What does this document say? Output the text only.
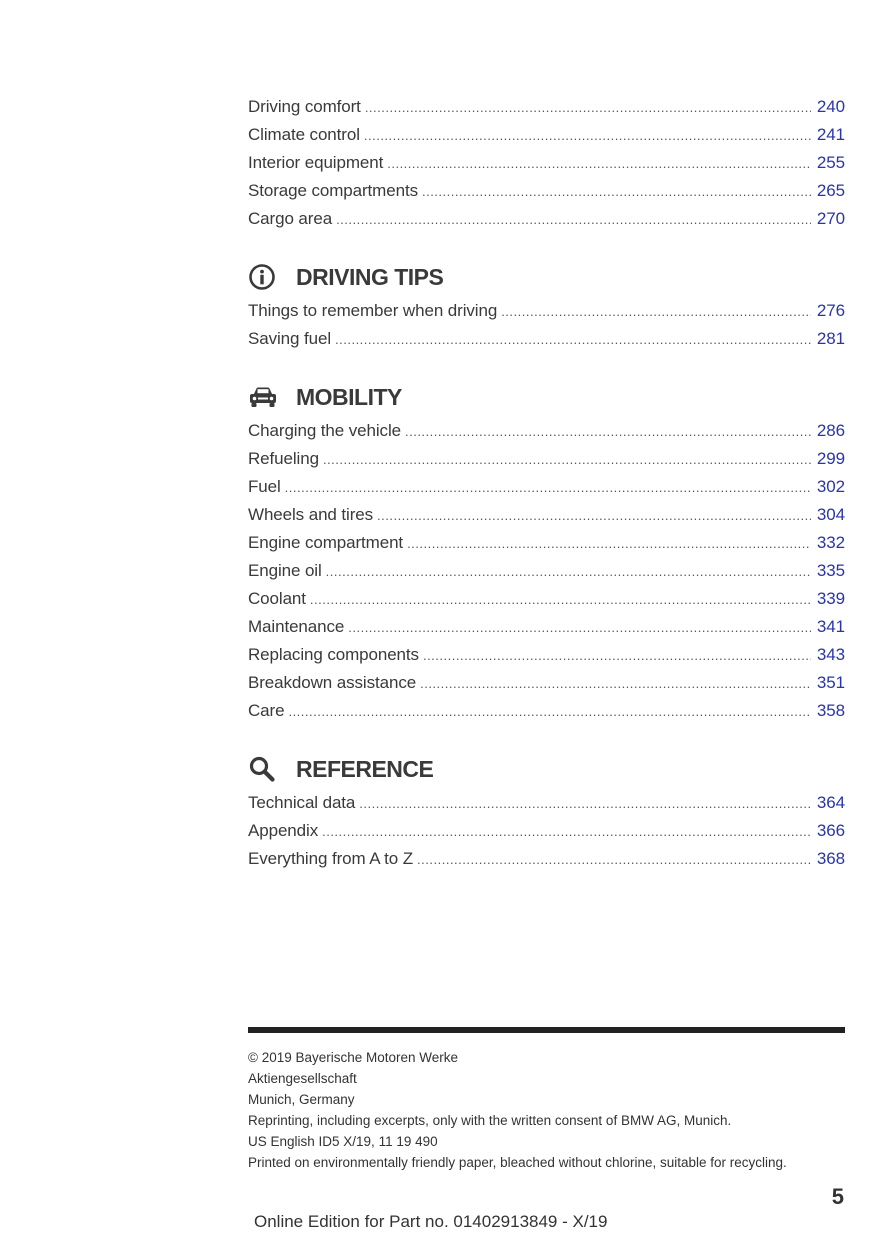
Driving comfort .....	240
Climate control .....	241
Interior equipment .....	255
Storage compartments .....	265
Cargo area .....	270
DRIVING TIPS
Things to remember when driving .....	276
Saving fuel .....	281
MOBILITY
Charging the vehicle .....	286
Refueling .....	299
Fuel .....	302
Wheels and tires .....	304
Engine compartment .....	332
Engine oil .....	335
Coolant .....	339
Maintenance .....	341
Replacing components .....	343
Breakdown assistance .....	351
Care .....	358
REFERENCE
Technical data .....	364
Appendix .....	366
Everything from A to Z .....	368
© 2019 Bayerische Motoren Werke
Aktiengesellschaft
Munich, Germany
Reprinting, including excerpts, only with the written consent of BMW AG, Munich.
US English ID5 X/19, 11 19 490
Printed on environmentally friendly paper, bleached without chlorine, suitable for recycling.
5
Online Edition for Part no. 01402913849 - X/19
